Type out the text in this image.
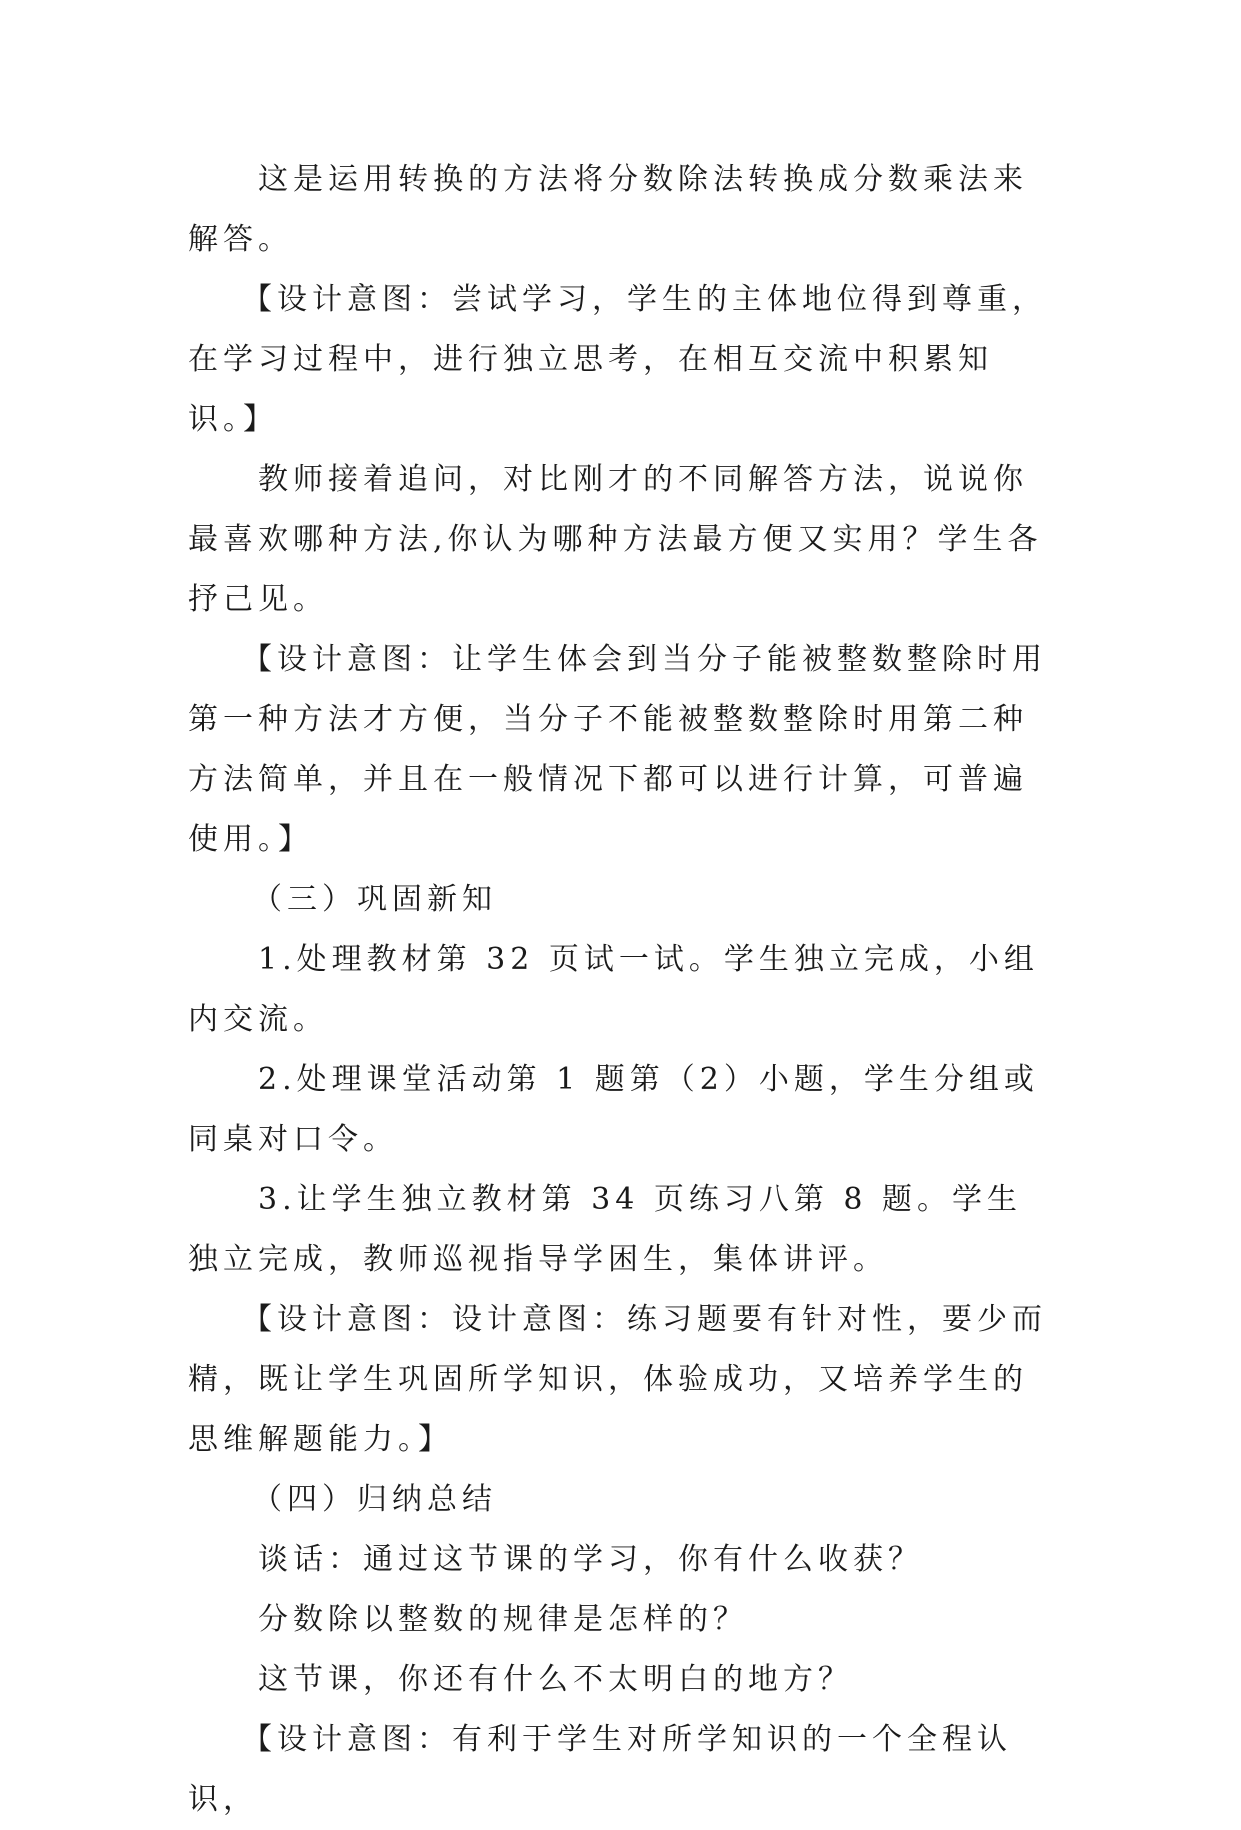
这是运用转换的方法将分数除法转换成分数乘法来解答。

【设计意图：尝试学习，学生的主体地位得到尊重，在学习过程中，进行独立思考，在相互交流中积累知识。】

教师接着追问，对比刚才的不同解答方法，说说你最喜欢哪种方法,你认为哪种方法最方便又实用？学生各抒己见。

【设计意图：让学生体会到当分子能被整数整除时用第一种方法才方便，当分子不能被整数整除时用第二种方法简单，并且在一般情况下都可以进行计算，可普遍使用。】

（三）巩固新知

1.处理教材第 32 页试一试。学生独立完成，小组内交流。

2.处理课堂活动第 1 题第（2）小题，学生分组或同桌对口令。

3.让学生独立教材第 34 页练习八第 8 题。学生独立完成，教师巡视指导学困生，集体讲评。

【设计意图：设计意图：练习题要有针对性，要少而精，既让学生巩固所学知识，体验成功，又培养学生的思维解题能力。】

（四）归纳总结

谈话：通过这节课的学习，你有什么收获？

分数除以整数的规律是怎样的？

这节课，你还有什么不太明白的地方？

【设计意图：有利于学生对所学知识的一个全程认识，
